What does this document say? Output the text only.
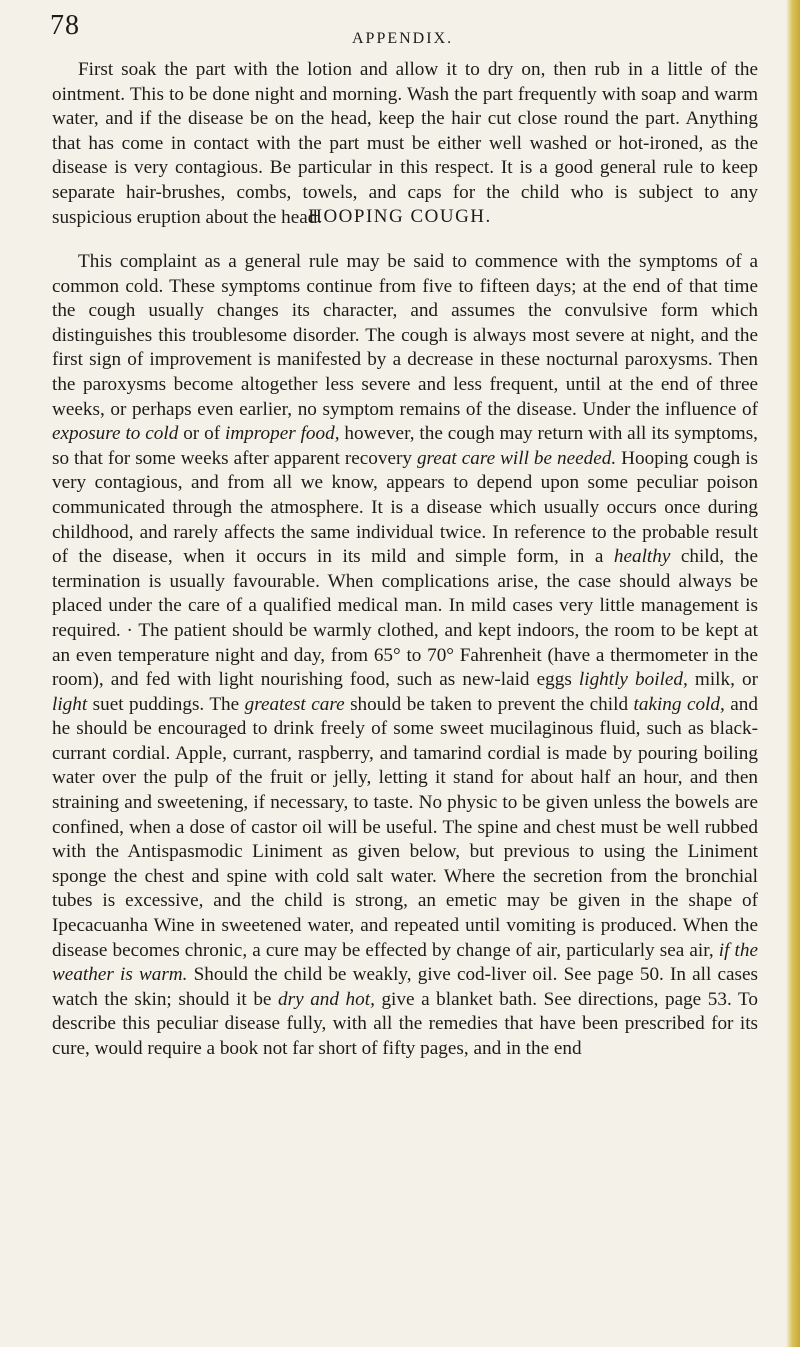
78	APPENDIX.

First soak the part with the lotion and allow it to dry on, then rub in a little of the ointment. This to be done night and morning. Wash the part frequently with soap and warm water, and if the disease be on the head, keep the hair cut close round the part. Anything that has come in contact with the part must be either well washed or hot-ironed, as the disease is very contagious. Be particular in this respect. It is a good general rule to keep separate hair-brushes, combs, towels, and caps for the child who is subject to any suspicious eruption about the head.

HOOPING COUGH.

This complaint as a general rule may be said to commence with the symptoms of a common cold. These symptoms continue from five to fifteen days; at the end of that time the cough usually changes its character, and assumes the convulsive form which distinguishes this troublesome disorder. The cough is always most severe at night, and the first sign of improvement is manifested by a decrease in these nocturnal paroxysms. Then the paroxysms become altogether less severe and less frequent, until at the end of three weeks, or perhaps even earlier, no symptom remains of the disease. Under the influence of exposure to cold or of improper food, however, the cough may return with all its symptoms, so that for some weeks after apparent recovery great care will be needed. Hooping cough is very contagious, and from all we know, appears to depend upon some peculiar poison communicated through the atmosphere. It is a disease which usually occurs once during childhood, and rarely affects the same individual twice. In reference to the probable result of the disease, when it occurs in its mild and simple form, in a healthy child, the termination is usually favourable. When complications arise, the case should always be placed under the care of a qualified medical man. In mild cases very little management is required. · The patient should be warmly clothed, and kept indoors, the room to be kept at an even temperature night and day, from 65° to 70° Fahrenheit (have a thermometer in the room), and fed with light nourishing food, such as new-laid eggs lightly boiled, milk, or light suet puddings. The greatest care should be taken to prevent the child taking cold, and he should be encouraged to drink freely of some sweet mucilaginous fluid, such as black-currant cordial. Apple, currant, raspberry, and tamarind cordial is made by pouring boiling water over the pulp of the fruit or jelly, letting it stand for about half an hour, and then straining and sweetening, if necessary, to taste. No physic to be given unless the bowels are confined, when a dose of castor oil will be useful. The spine and chest must be well rubbed with the Antispasmodic Liniment as given below, but previous to using the Liniment sponge the chest and spine with cold salt water. Where the secretion from the bronchial tubes is excessive, and the child is strong, an emetic may be given in the shape of Ipecacuanha Wine in sweetened water, and repeated until vomiting is produced. When the disease becomes chronic, a cure may be effected by change of air, particularly sea air, if the weather is warm. Should the child be weakly, give cod-liver oil. See page 50. In all cases watch the skin; should it be dry and hot, give a blanket bath. See directions, page 53. To describe this peculiar disease fully, with all the remedies that have been prescribed for its cure, would require a book not far short of fifty pages, and in the end
